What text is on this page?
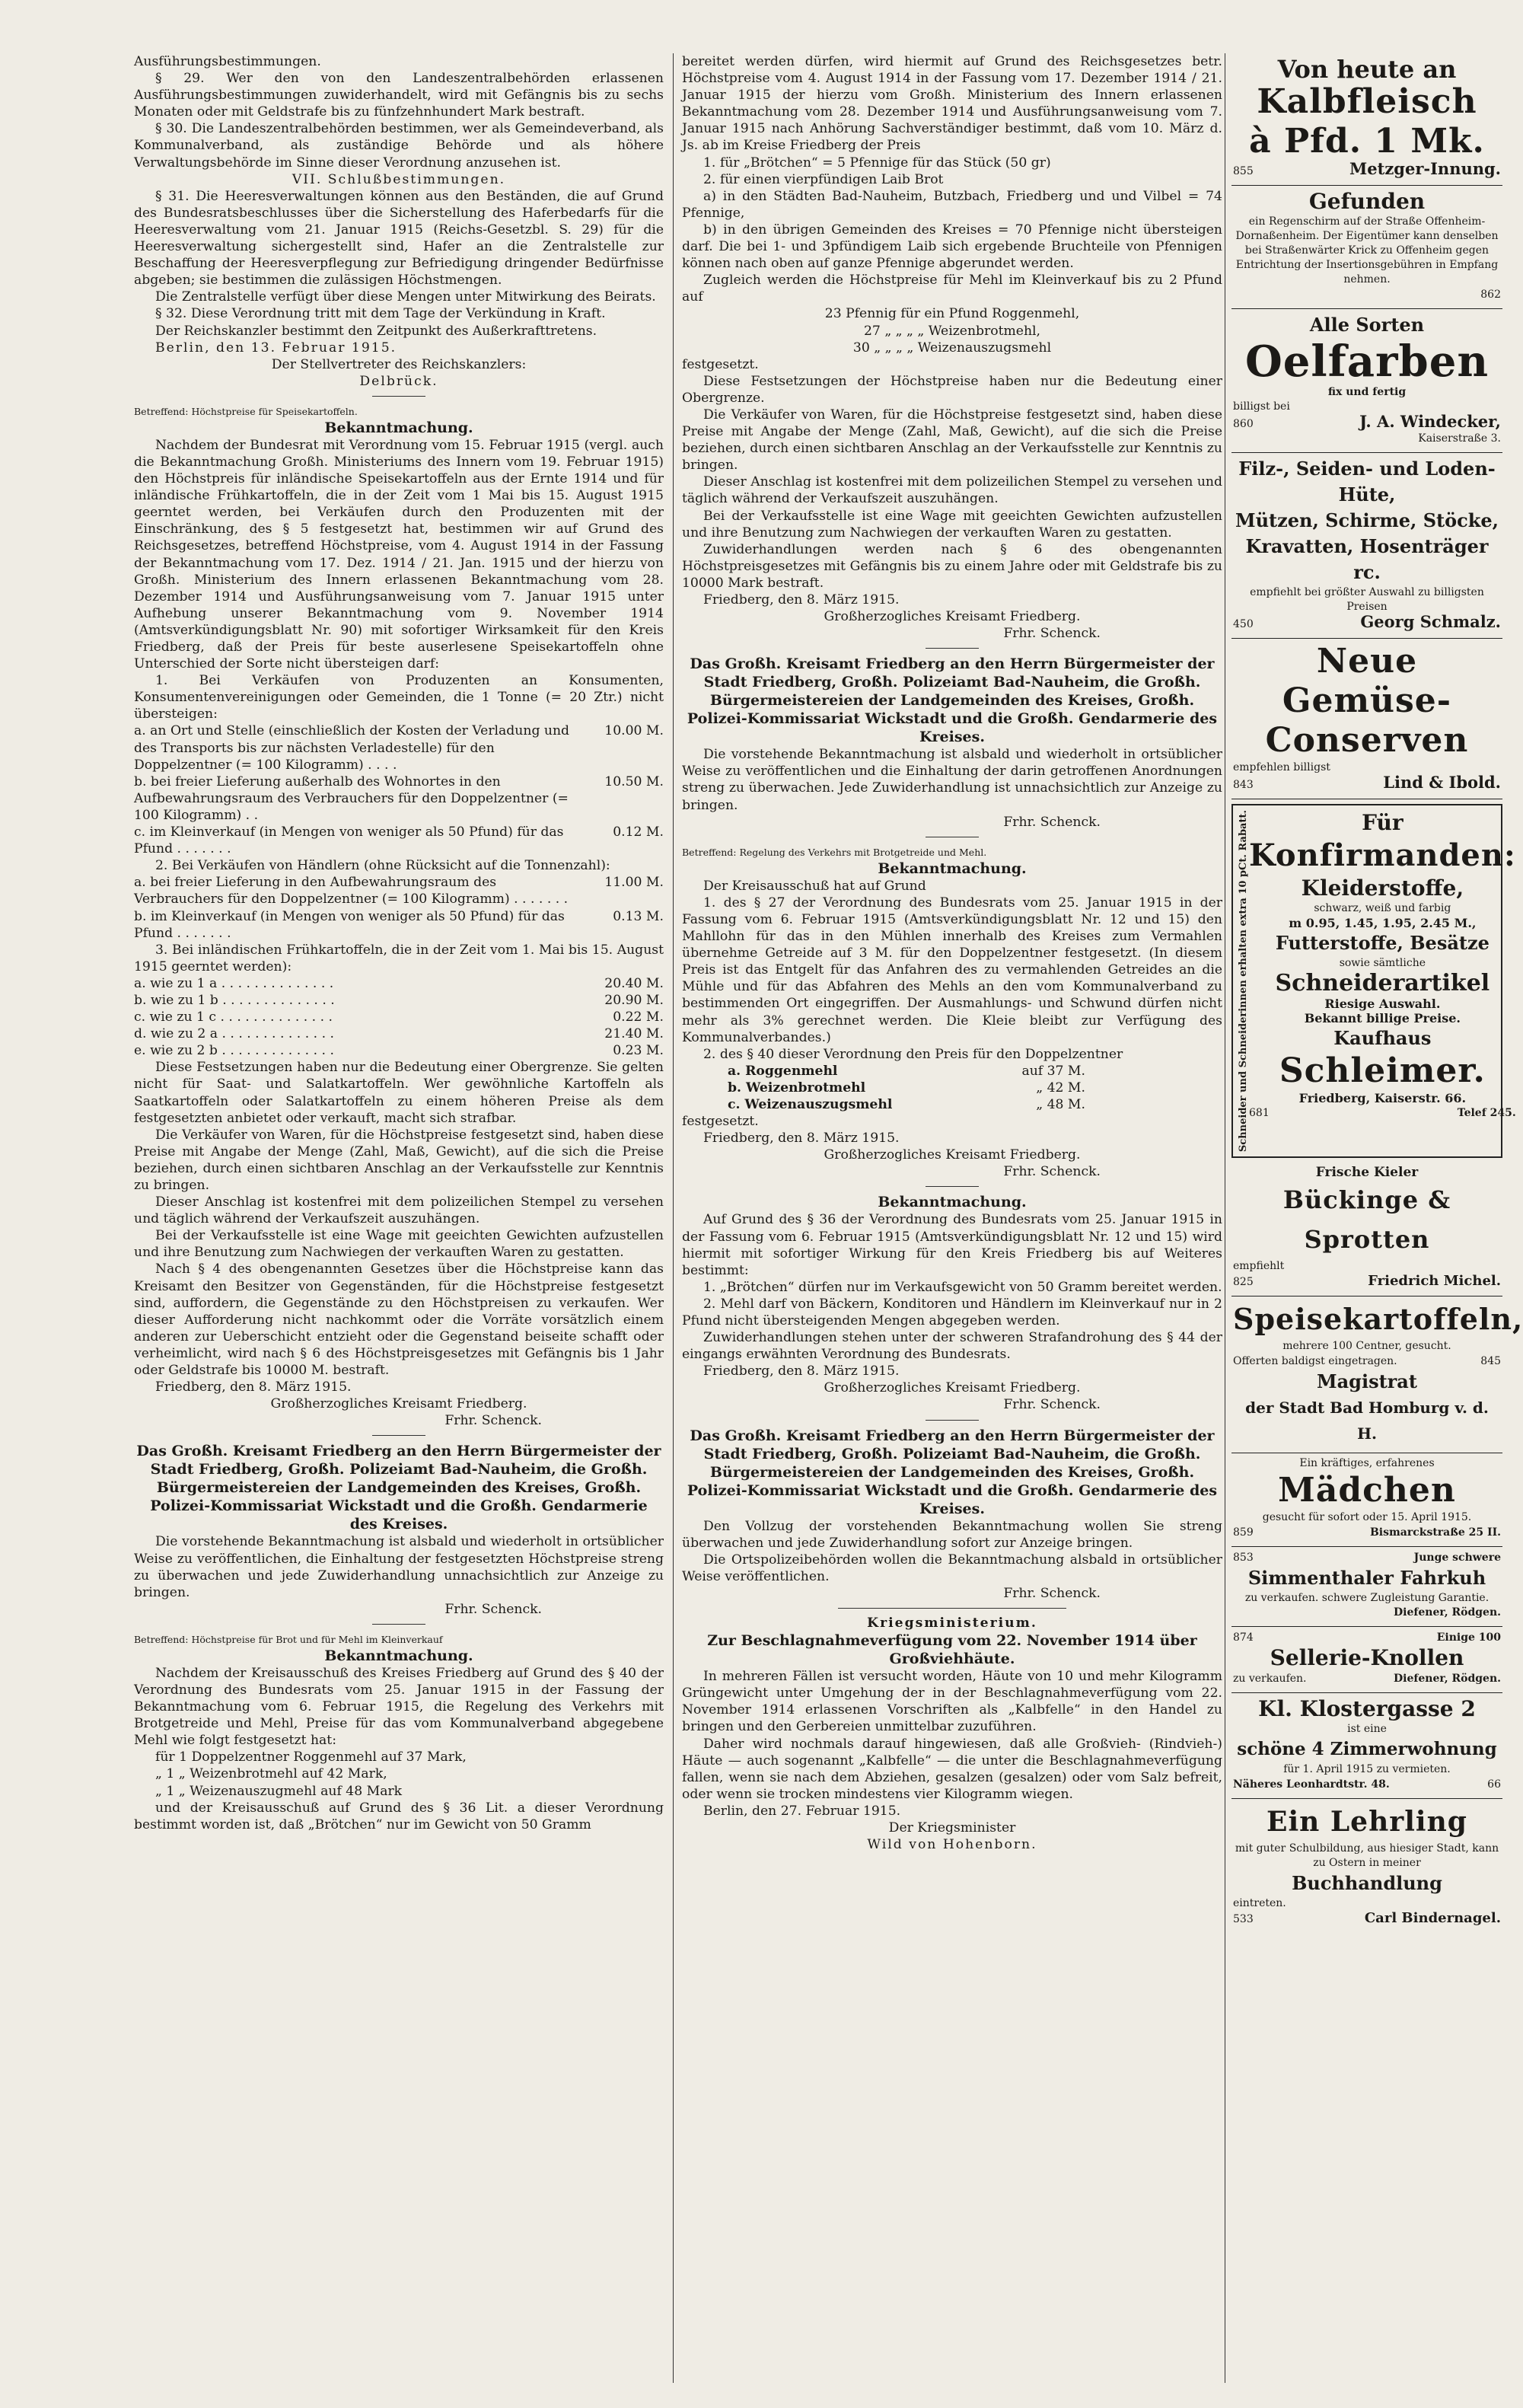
Ausführungsbestimmungen.

§ 29. Wer den von den Landeszentralbehörden erlassenen Ausführungsbestimmungen zuwiderhandelt, wird mit Gefängnis bis zu sechs Monaten oder mit Geldstrafe bis zu fünfzehnhundert Mark bestraft.

§ 30. Die Landeszentralbehörden bestimmen, wer als Gemeindeverband, als Kommunalverband, als zuständige Behörde und als höhere Verwaltungsbehörde im Sinne dieser Verordnung anzusehen ist.

VII. Schlußbestimmungen.

§ 31. Die Heeresverwaltungen können aus den Beständen, die auf Grund des Bundesratsbeschlusses über die Sicherstellung des Haferbedarfs für die Heeresverwaltung vom 21. Januar 1915 (Reichs-Gesetzbl. S. 29) für die Heeresverwaltung sichergestellt sind, Hafer an die Zentralstelle zur Beschaffung der Heeresverpflegung zur Befriedigung dringender Bedürfnisse abgeben; sie bestimmen die zulässigen Höchstmengen.

Die Zentralstelle verfügt über diese Mengen unter Mitwirkung des Beirats.

§ 32. Diese Verordnung tritt mit dem Tage der Verkündung in Kraft.

Der Reichskanzler bestimmt den Zeitpunkt des Außerkrafttretens.

Berlin, den 13. Februar 1915.

Der Stellvertreter des Reichskanzlers:

Delbrück.

Betreffend: Höchstpreise für Speisekartoffeln.

Bekanntmachung.

Nachdem der Bundesrat mit Verordnung vom 15. Februar 1915 (vergl. auch die Bekanntmachung Großh. Ministeriums des Innern vom 19. Februar 1915) den Höchstpreis für inländische Speisekartoffeln aus der Ernte 1914 und für inländische Frühkartoffeln, die in der Zeit vom 1 Mai bis 15. August 1915 geerntet werden, bei Verkäufen durch den Produzenten mit der Einschränkung, des § 5 festgesetzt hat, bestimmen wir auf Grund des Reichsgesetzes, betreffend Höchstpreise, vom 4. August 1914 in der Fassung der Bekanntmachung vom 17. Dez. 1914 / 21. Jan. 1915 und der hierzu von Großh. Ministerium des Innern erlassenen Bekanntmachung vom 28. Dezember 1914 und Ausführungsanweisung vom 7. Januar 1915 unter Aufhebung unserer Bekanntmachung vom 9. November 1914 (Amtsverkündigungsblatt Nr. 90) mit sofortiger Wirksamkeit für den Kreis Friedberg, daß der Preis für beste auserlesene Speisekartoffeln ohne Unterschied der Sorte nicht übersteigen darf:

1. Bei Verkäufen von Produzenten an Konsumenten, Konsumentenvereinigungen oder Gemeinden, die 1 Tonne (= 20 Ztr.) nicht übersteigen:

a. an Ort und Stelle (einschließlich der Kosten der Verladung und des Transports bis zur nächsten Verladestelle) für den Doppelzentner (= 100 Kilogramm) . . . .
10.00 M.
b. bei freier Lieferung außerhalb des Wohnortes in den Aufbewahrungsraum des Verbrauchers für den Doppelzentner (= 100 Kilogramm) . .
10.50 M.
c. im Kleinverkauf (in Mengen von weniger als 50 Pfund) für das Pfund . . . . . . .
0.12 M.

2. Bei Verkäufen von Händlern (ohne Rücksicht auf die Tonnenzahl):

a. bei freier Lieferung in den Aufbewahrungsraum des Verbrauchers für den Doppelzentner (= 100 Kilogramm) . . . . . . .
11.00 M.
b. im Kleinverkauf (in Mengen von weniger als 50 Pfund) für das Pfund . . . . . . .
0.13 M.

3. Bei inländischen Frühkartoffeln, die in der Zeit vom 1. Mai bis 15. August 1915 geerntet werden):

a. wie zu 1 a . . . . . . . . . . . . . .	20.40 M.
b. wie zu 1 b . . . . . . . . . . . . . .	20.90 M.
c. wie zu 1 c . . . . . . . . . . . . . .	0.22 M.
d. wie zu 2 a . . . . . . . . . . . . . .	21.40 M.
e. wie zu 2 b . . . . . . . . . . . . . .	0.23 M.

Diese Festsetzungen haben nur die Bedeutung einer Obergrenze. Sie gelten nicht für Saat- und Salatkartoffeln. Wer gewöhnliche Kartoffeln als Saatkartoffeln oder Salatkartoffeln zu einem höheren Preise als dem festgesetzten anbietet oder verkauft, macht sich strafbar.

Die Verkäufer von Waren, für die Höchstpreise festgesetzt sind, haben diese Preise mit Angabe der Menge (Zahl, Maß, Gewicht), auf die sich die Preise beziehen, durch einen sichtbaren Anschlag an der Verkaufsstelle zur Kenntnis zu bringen.

Dieser Anschlag ist kostenfrei mit dem polizeilichen Stempel zu versehen und täglich während der Verkaufszeit auszuhängen.

Bei der Verkaufsstelle ist eine Wage mit geeichten Gewichten aufzustellen und ihre Benutzung zum Nachwiegen der verkauften Waren zu gestatten.

Nach § 4 des obengenannten Gesetzes über die Höchstpreise kann das Kreisamt den Besitzer von Gegenständen, für die Höchstpreise festgesetzt sind, auffordern, die Gegenstände zu den Höchstpreisen zu verkaufen. Wer dieser Aufforderung nicht nachkommt oder die Vorräte vorsätzlich einem anderen zur Ueberschicht entzieht oder die Gegenstand beiseite schafft oder verheimlicht, wird nach § 6 des Höchstpreisgesetzes mit Gefängnis bis 1 Jahr oder Geldstrafe bis 10000 M. bestraft.

Friedberg, den 8. März 1915.

Großherzogliches Kreisamt Friedberg.

Frhr. Schenck.

Das Großh. Kreisamt Friedberg an den Herrn Bürgermeister der Stadt Friedberg, Großh. Polizeiamt Bad-Nauheim, die Großh. Bürgermeistereien der Landgemeinden des Kreises, Großh. Polizei-Kommissariat Wickstadt und die Großh. Gendarmerie des Kreises.

Die vorstehende Bekanntmachung ist alsbald und wiederholt in ortsüblicher Weise zu veröffentlichen, die Einhaltung der festgesetzten Höchstpreise streng zu überwachen und jede Zuwiderhandlung unnachsichtlich zur Anzeige zu bringen.

Frhr. Schenck.

Betreffend: Höchstpreise für Brot und für Mehl im Kleinverkauf

Bekanntmachung.

Nachdem der Kreisausschuß des Kreises Friedberg auf Grund des § 40 der Verordnung des Bundesrats vom 25. Januar 1915 in der Fassung der Bekanntmachung vom 6. Februar 1915, die Regelung des Verkehrs mit Brotgetreide und Mehl, Preise für das vom Kommunalverband abgegebene Mehl wie folgt festgesetzt hat:

für 1 Doppelzentner Roggenmehl auf 37 Mark,

„ 1 „ Weizenbrotmehl auf 42 Mark,

„ 1 „ Weizenauszugmehl auf 48 Mark

und der Kreisausschuß auf Grund des § 36 Lit. a dieser Verordnung bestimmt worden ist, daß „Brötchen“ nur im Gewicht von 50 Gramm

bereitet werden dürfen, wird hiermit auf Grund des Reichsgesetzes betr. Höchstpreise vom 4. August 1914 in der Fassung vom 17. Dezember 1914 / 21. Januar 1915 der hierzu vom Großh. Ministerium des Innern erlassenen Bekanntmachung vom 28. Dezember 1914 und Ausführungsanweisung vom 7. Januar 1915 nach Anhörung Sachverständiger bestimmt, daß vom 10. März d. Js. ab im Kreise Friedberg der Preis

1. für „Brötchen“ = 5 Pfennige für das Stück (50 gr)

2. für einen vierpfündigen Laib Brot

a) in den Städten Bad-Nauheim, Butzbach, Friedberg und und Vilbel = 74 Pfennige,

b) in den übrigen Gemeinden des Kreises = 70 Pfennige nicht übersteigen darf. Die bei 1- und 3pfündigem Laib sich ergebende Bruchteile von Pfennigen können nach oben auf ganze Pfennige abgerundet werden.

Zugleich werden die Höchstpreise für Mehl im Kleinverkauf bis zu 2 Pfund auf

23 Pfennig für ein Pfund Roggenmehl,

27 „ „ „ „ Weizenbrotmehl,

30 „ „ „ „ Weizenauszugsmehl

festgesetzt.

Diese Festsetzungen der Höchstpreise haben nur die Bedeutung einer Obergrenze.

Die Verkäufer von Waren, für die Höchstpreise festgesetzt sind, haben diese Preise mit Angabe der Menge (Zahl, Maß, Gewicht), auf die sich die Preise beziehen, durch einen sichtbaren Anschlag an der Verkaufsstelle zur Kenntnis zu bringen.

Dieser Anschlag ist kostenfrei mit dem polizeilichen Stempel zu versehen und täglich während der Verkaufszeit auszuhängen.

Bei der Verkaufsstelle ist eine Wage mit geeichten Gewichten aufzustellen und ihre Benutzung zum Nachwiegen der verkauften Waren zu gestatten.

Zuwiderhandlungen werden nach § 6 des obengenannten Höchstpreisgesetzes mit Gefängnis bis zu einem Jahre oder mit Geldstrafe bis zu 10000 Mark bestraft.

Friedberg, den 8. März 1915.

Großherzogliches Kreisamt Friedberg.

Frhr. Schenck.

Das Großh. Kreisamt Friedberg an den Herrn Bürgermeister der Stadt Friedberg, Großh. Polizeiamt Bad-Nauheim, die Großh. Bürgermeistereien der Landgemeinden des Kreises, Großh. Polizei-Kommissariat Wickstadt und die Großh. Gendarmerie des Kreises.

Die vorstehende Bekanntmachung ist alsbald und wiederholt in ortsüblicher Weise zu veröffentlichen und die Einhaltung der darin getroffenen Anordnungen streng zu überwachen. Jede Zuwiderhandlung ist unnachsichtlich zur Anzeige zu bringen.

Frhr. Schenck.

Betreffend: Regelung des Verkehrs mit Brotgetreide und Mehl.

Bekanntmachung.

Der Kreisausschuß hat auf Grund

1. des § 27 der Verordnung des Bundesrats vom 25. Januar 1915 in der Fassung vom 6. Februar 1915 (Amtsverkündigungsblatt Nr. 12 und 15) den Mahllohn für das in den Mühlen innerhalb des Kreises zum Vermahlen übernehme Getreide auf 3 M. für den Doppelzentner festgesetzt. (In diesem Preis ist das Entgelt für das Anfahren des zu vermahlenden Getreides an die Mühle und für das Abfahren des Mehls an den vom Kommunalverband zu bestimmenden Ort eingegriffen. Der Ausmahlungs- und Schwund dürfen nicht mehr als 3% gerechnet werden. Die Kleie bleibt zur Verfügung des Kommunalverbandes.)

2. des § 40 dieser Verordnung den Preis für den Doppelzentner

a. Roggenmehl	auf 37 M.
b. Weizenbrotmehl	„ 42 M.
c. Weizenauszugsmehl	„ 48 M.

festgesetzt.

Friedberg, den 8. März 1915.

Großherzogliches Kreisamt Friedberg.

Frhr. Schenck.

Bekanntmachung.

Auf Grund des § 36 der Verordnung des Bundesrats vom 25. Januar 1915 in der Fassung vom 6. Februar 1915 (Amtsverkündigungsblatt Nr. 12 und 15) wird hiermit mit sofortiger Wirkung für den Kreis Friedberg bis auf Weiteres bestimmt:

1. „Brötchen“ dürfen nur im Verkaufsgewicht von 50 Gramm bereitet werden.

2. Mehl darf von Bäckern, Konditoren und Händlern im Kleinverkauf nur in 2 Pfund nicht übersteigenden Mengen abgegeben werden.

Zuwiderhandlungen stehen unter der schweren Strafandrohung des § 44 der eingangs erwähnten Verordnung des Bundesrats.

Friedberg, den 8. März 1915.

Großherzogliches Kreisamt Friedberg.

Frhr. Schenck.

Das Großh. Kreisamt Friedberg an den Herrn Bürgermeister der Stadt Friedberg, Großh. Polizeiamt Bad-Nauheim, die Großh. Bürgermeistereien der Landgemeinden des Kreises, Großh. Polizei-Kommissariat Wickstadt und die Großh. Gendarmerie des Kreises.

Den Vollzug der vorstehenden Bekanntmachung wollen Sie streng überwachen und jede Zuwiderhandlung sofort zur Anzeige bringen.

Die Ortspolizeibehörden wollen die Bekanntmachung alsbald in ortsüblicher Weise veröffentlichen.

Frhr. Schenck.

Kriegsministerium.

Zur Beschlagnahmeverfügung vom 22. November 1914 über Großviehhäute.

In mehreren Fällen ist versucht worden, Häute von 10 und mehr Kilogramm Grüngewicht unter Umgehung der in der Beschlagnahmeverfügung vom 22. November 1914 erlassenen Vorschriften als „Kalbfelle“ in den Handel zu bringen und den Gerbereien unmittelbar zuzuführen.

Daher wird nochmals darauf hingewiesen, daß alle Großvieh- (Rindvieh-) Häute — auch sogenannt „Kalbfelle“ — die unter die Beschlagnahmeverfügung fallen, wenn sie nach dem Abziehen, gesalzen (gesalzen) oder vom Salz befreit, oder wenn sie trocken mindestens vier Kilogramm wiegen.

Berlin, den 27. Februar 1915.

Der Kriegsminister

Wild von Hohenborn.

Von heute an
Kalbfleisch
à Pfd. 1 Mk.
855	Metzger-Innung.
Gefunden
ein Regenschirm auf der Straße Offenheim-Dornaßenheim. Der Eigentümer kann denselben bei Straßenwärter Krick zu Offenheim gegen Entrichtung der Insertionsgebühren in Empfang nehmen.
862
Alle Sorten
Oelfarben
fix und fertig
billigst bei
860	J. A. Windecker,
Kaiserstraße 3.
Filz-, Seiden- und Loden-Hüte,
Mützen, Schirme, Stöcke,
Kravatten, Hosenträger rc.
empfiehlt bei größter Auswahl zu billigsten Preisen
450	Georg Schmalz.
Neue Gemüse-
Conserven
empfehlen billigst
843	Lind & Ibold.
Schneider und Schneiderinnen erhalten extra 10 pCt. Rabatt.	Für
Konfirmanden:
Kleiderstoffe,
schwarz, weiß und farbig
m 0.95, 1.45, 1.95, 2.45 M.,
Futterstoffe, Besätze
sowie sämtliche
Schneiderartikel
Riesige Auswahl.
Bekannt billige Preise.
Kaufhaus
Schleimer.
Friedberg, Kaiserstr. 66.
681	Telef 245.
Frische Kieler
Bückinge & Sprotten
empfiehlt
825	Friedrich Michel.
Speisekartoffeln,
mehrere 100 Centner, gesucht.
Offerten baldigst eingetragen.	845
Magistrat
der Stadt Bad Homburg v. d. H.
Ein kräftiges, erfahrenes
Mädchen
gesucht für sofort oder 15. April 1915.
859	Bismarckstraße 25 II.
853	Junge schwere
Simmenthaler Fahrkuh
zu verkaufen. schwere Zugleistung Garantie.
Diefener, Rödgen.
874	Einige 100
Sellerie-Knollen
zu verkaufen.	Diefener, Rödgen.
Kl. Klostergasse 2
ist eine
schöne 4 Zimmerwohnung
für 1. April 1915 zu vermieten.
Näheres Leonhardtstr. 48.	66
Ein Lehrling
mit guter Schulbildung, aus hiesiger Stadt, kann zu Ostern in meiner
Buchhandlung
eintreten.
533	Carl Bindernagel.
